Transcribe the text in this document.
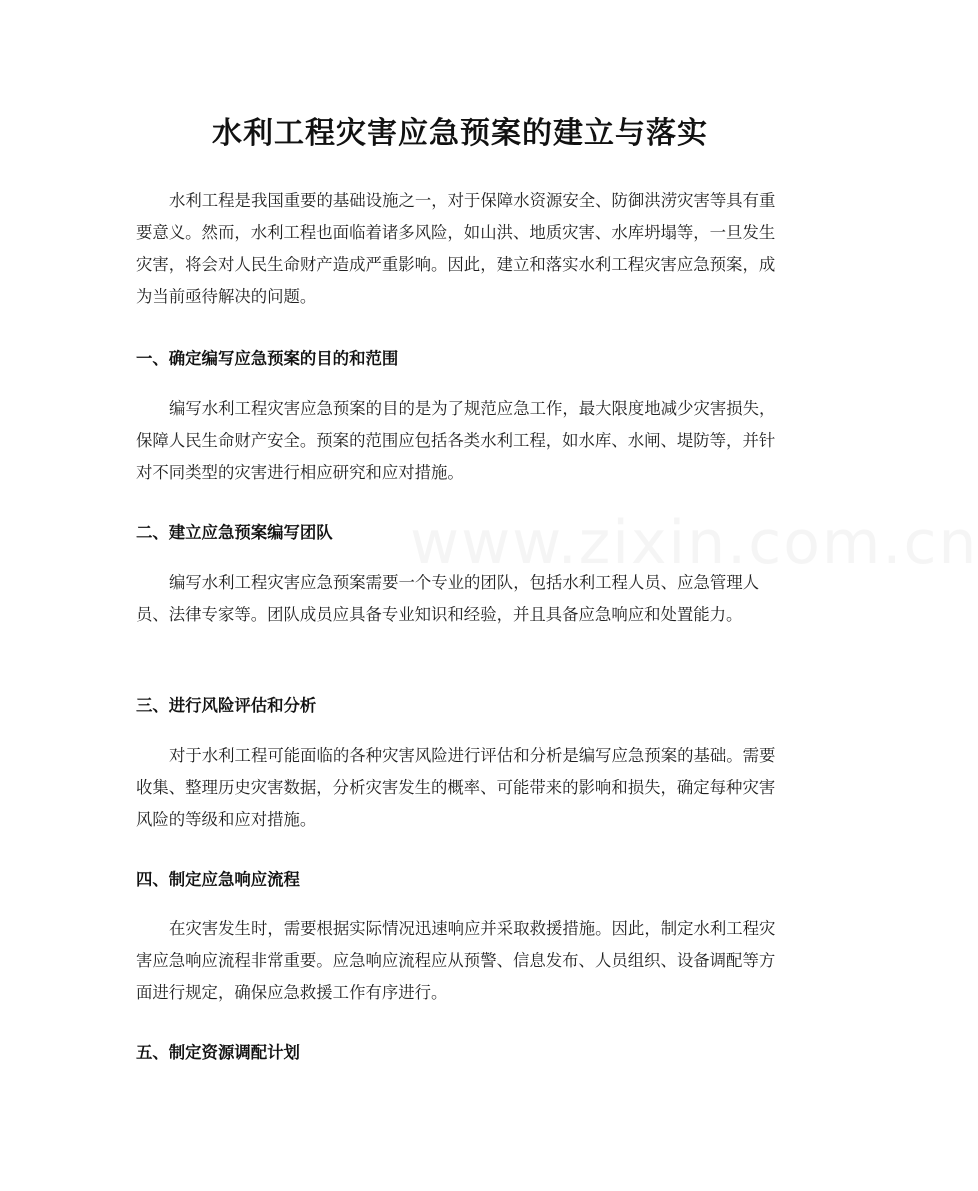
水利工程灾害应急预案的建立与落实

水利工程是我国重要的基础设施之一，对于保障水资源安全、防御洪涝灾害等具有重要意义。然而，水利工程也面临着诸多风险，如山洪、地质灾害、水库坍塌等，一旦发生灾害，将会对人民生命财产造成严重影响。因此，建立和落实水利工程灾害应急预案，成为当前亟待解决的问题。

一、确定编写应急预案的目的和范围

编写水利工程灾害应急预案的目的是为了规范应急工作，最大限度地减少灾害损失，保障人民生命财产安全。预案的范围应包括各类水利工程，如水库、水闸、堤防等，并针对不同类型的灾害进行相应研究和应对措施。

二、建立应急预案编写团队

编写水利工程灾害应急预案需要一个专业的团队，包括水利工程人员、应急管理人员、法律专家等。团队成员应具备专业知识和经验，并且具备应急响应和处置能力。

三、进行风险评估和分析

对于水利工程可能面临的各种灾害风险进行评估和分析是编写应急预案的基础。需要收集、整理历史灾害数据，分析灾害发生的概率、可能带来的影响和损失，确定每种灾害风险的等级和应对措施。

四、制定应急响应流程

在灾害发生时，需要根据实际情况迅速响应并采取救援措施。因此，制定水利工程灾害应急响应流程非常重要。应急响应流程应从预警、信息发布、人员组织、设备调配等方面进行规定，确保应急救援工作有序进行。

五、制定资源调配计划
www.zixin.com.cn
